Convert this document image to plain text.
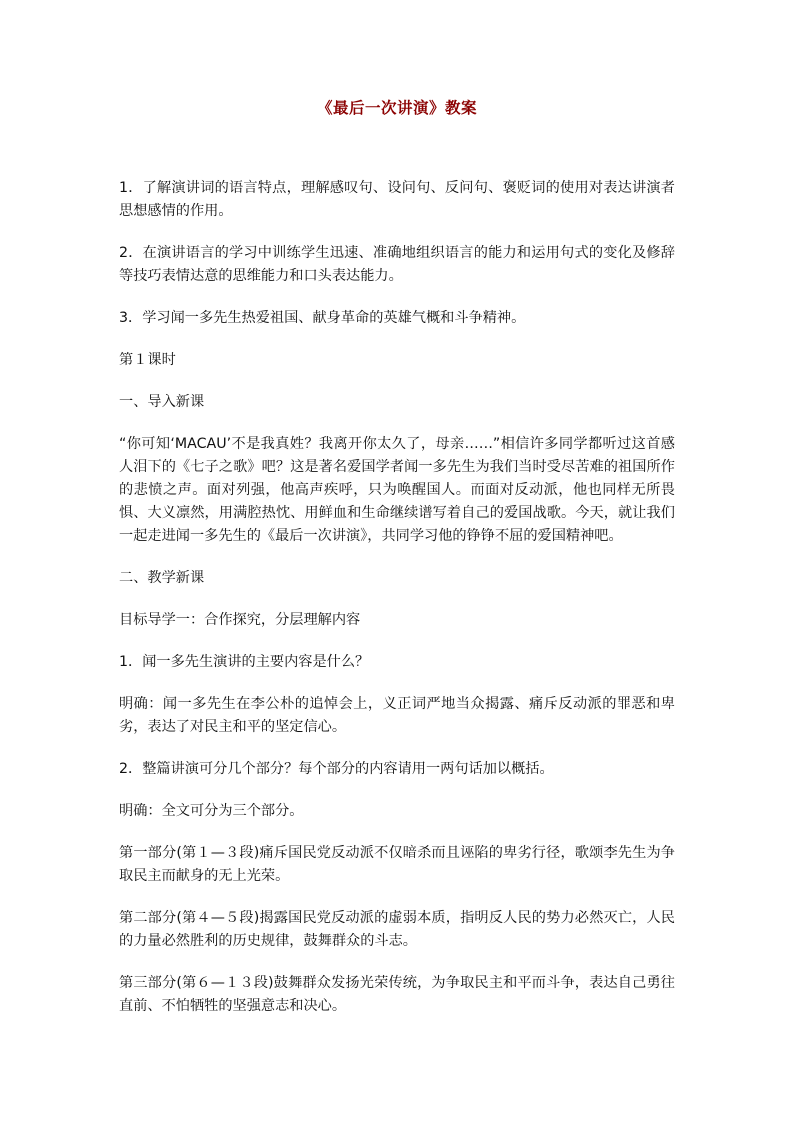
《最后一次讲演》教案

1．了解演讲词的语言特点，理解感叹句、设问句、反问句、褒贬词的使用对表达讲演者思想感情的作用。

2．在演讲语言的学习中训练学生迅速、准确地组织语言的能力和运用句式的变化及修辞等技巧表情达意的思维能力和口头表达能力。

3．学习闻一多先生热爱祖国、献身革命的英雄气概和斗争精神。

第１课时

一、导入新课

“你可知‘MACAU’不是我真姓？我离开你太久了，母亲……”相信许多同学都听过这首感人泪下的《七子之歌》吧？这是著名爱国学者闻一多先生为我们当时受尽苦难的祖国所作的悲愤之声。面对列强，他高声疾呼，只为唤醒国人。而面对反动派，他也同样无所畏惧、大义凛然，用满腔热忱、用鲜血和生命继续谱写着自己的爱国战歌。今天，就让我们一起走进闻一多先生的《最后一次讲演》，共同学习他的铮铮不屈的爱国精神吧。

二、教学新课

目标导学一：合作探究，分层理解内容

1．闻一多先生演讲的主要内容是什么？

明确：闻一多先生在李公朴的追悼会上，义正词严地当众揭露、痛斥反动派的罪恶和卑劣，表达了对民主和平的坚定信心。

2．整篇讲演可分几个部分？每个部分的内容请用一两句话加以概括。

明确：全文可分为三个部分。

第一部分(第１—３段)痛斥国民党反动派不仅暗杀而且诬陷的卑劣行径，歌颂李先生为争取民主而献身的无上光荣。

第二部分(第４—５段)揭露国民党反动派的虚弱本质，指明反人民的势力必然灭亡，人民的力量必然胜利的历史规律，鼓舞群众的斗志。

第三部分(第６—１３段)鼓舞群众发扬光荣传统，为争取民主和平而斗争，表达自己勇往直前、不怕牺牲的坚强意志和决心。
